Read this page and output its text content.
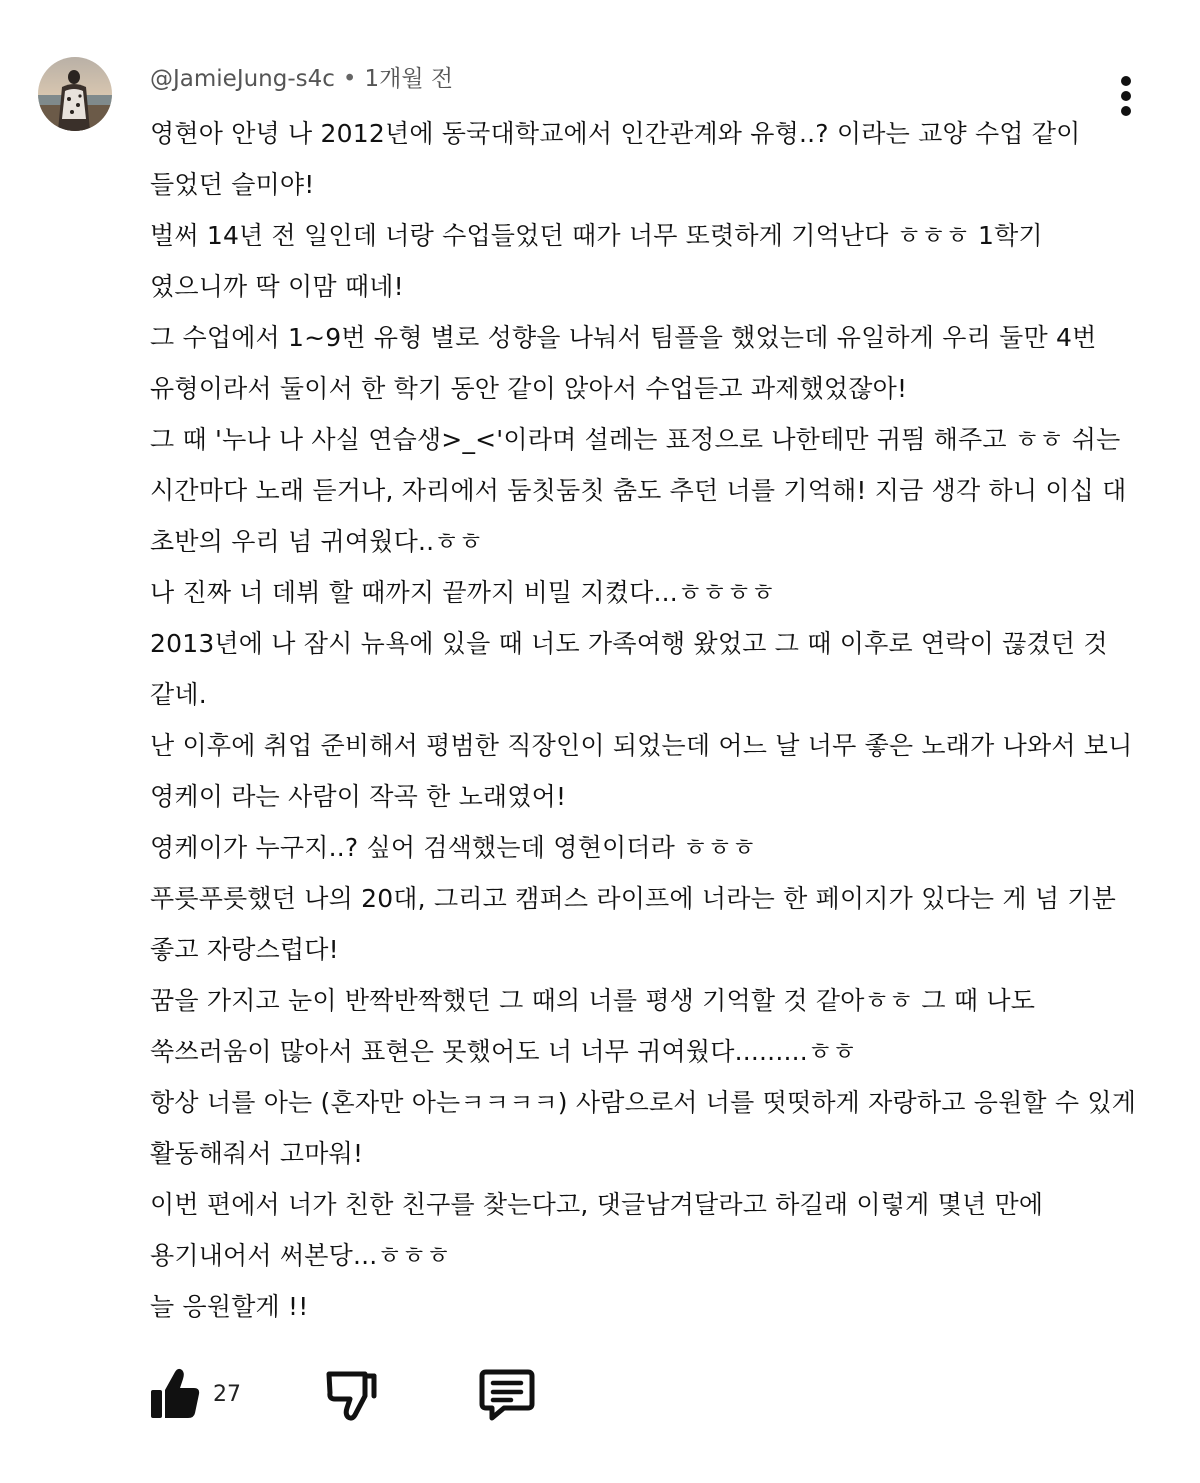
@JamieJung-s4c • 1개월 전
영현아 안녕 나 2012년에 동국대학교에서 인간관계와 유형..? 이라는 교양 수업 같이
들었던 슬미야!
벌써 14년 전 일인데 너랑 수업들었던 때가 너무 또렷하게 기억난다 ㅎㅎㅎ 1학기
였으니까 딱 이맘 때네!
그 수업에서 1~9번 유형 별로 성향을 나눠서 팀플을 했었는데 유일하게 우리 둘만 4번
유형이라서 둘이서 한 학기 동안 같이 앉아서 수업듣고 과제했었잖아!
그 때 '누나 나 사실 연습생>_<'이라며 설레는 표정으로 나한테만 귀띔 해주고 ㅎㅎ 쉬는
시간마다 노래 듣거나, 자리에서 둠칫둠칫 춤도 추던 너를 기억해! 지금 생각 하니 이십 대
초반의 우리 넘 귀여웠다..ㅎㅎ
나 진짜 너 데뷔 할 때까지 끝까지 비밀 지켰다...ㅎㅎㅎㅎ
2013년에 나 잠시 뉴욕에 있을 때 너도 가족여행 왔었고 그 때 이후로 연락이 끊겼던 것
같네.
난 이후에 취업 준비해서 평범한 직장인이 되었는데 어느 날 너무 좋은 노래가 나와서 보니
영케이 라는 사람이 작곡 한 노래였어!
영케이가 누구지..? 싶어 검색했는데 영현이더라 ㅎㅎㅎ
푸릇푸릇했던 나의 20대, 그리고 캠퍼스 라이프에 너라는 한 페이지가 있다는 게 넘 기분
좋고 자랑스럽다!
꿈을 가지고 눈이 반짝반짝했던 그 때의 너를 평생 기억할 것 같아ㅎㅎ 그 때 나도
쑥쓰러움이 많아서 표현은 못했어도 너 너무 귀여웠다.........ㅎㅎ
항상 너를 아는 (혼자만 아는ㅋㅋㅋㅋ) 사람으로서 너를 떳떳하게 자랑하고 응원할 수 있게
활동해줘서 고마워!
이번 편에서 너가 친한 친구를 찾는다고, 댓글남겨달라고 하길래 이렇게 몇년 만에
용기내어서 써본당...ㅎㅎㅎ
늘 응원할게 !!
27
